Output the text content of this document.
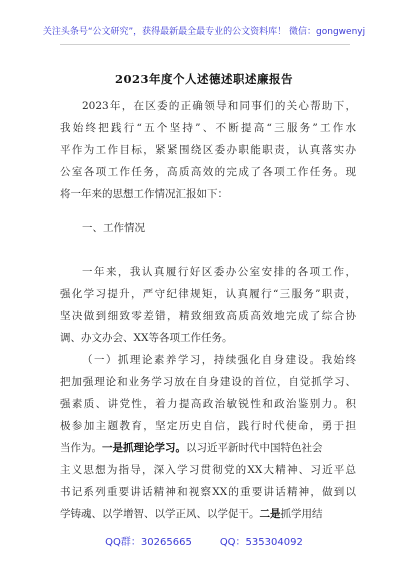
关注头条号“公文研究”，获得最新最全最专业的公文资料库！ 微信：gongwenyj
2023年度个人述德述职述廉报告
2023年，在区委的正确领导和同事们的关心帮助下，
我始终把践行“五个坚持”、不断提高“三服务”工作水
平作为工作目标，紧紧围绕区委办职能职责，认真落实办
公室各项工作任务，高质高效的完成了各项工作任务。现
将一年来的思想工作情况汇报如下：
一、工作情况
一年来，我认真履行好区委办公室安排的各项工作，
强化学习提升，严守纪律规矩，认真履行“三服务”职责，
坚决做到细致零差错，精致细致高质高效地完成了综合协
调、办文办会、XX等各项工作任务。
（一）抓理论素养学习，持续强化自身建设。我始终
把加强理论和业务学习放在自身建设的首位，自觉抓学习、
强素质、讲党性，着力提高政治敏锐性和政治鉴别力。积
极参加主题教育，坚定历史自信，践行时代使命，勇于担
当作为。一是抓理论学习。以习近平新时代中国特色社会
主义思想为指导，深入学习贯彻党的XX大精神、习近平总
书记系列重要讲话精神和视察XX的重要讲话精神，做到以
学铸魂、以学增智、以学正风、以学促干。二是抓学用结
QQ群：30265665	QQ：535304092
